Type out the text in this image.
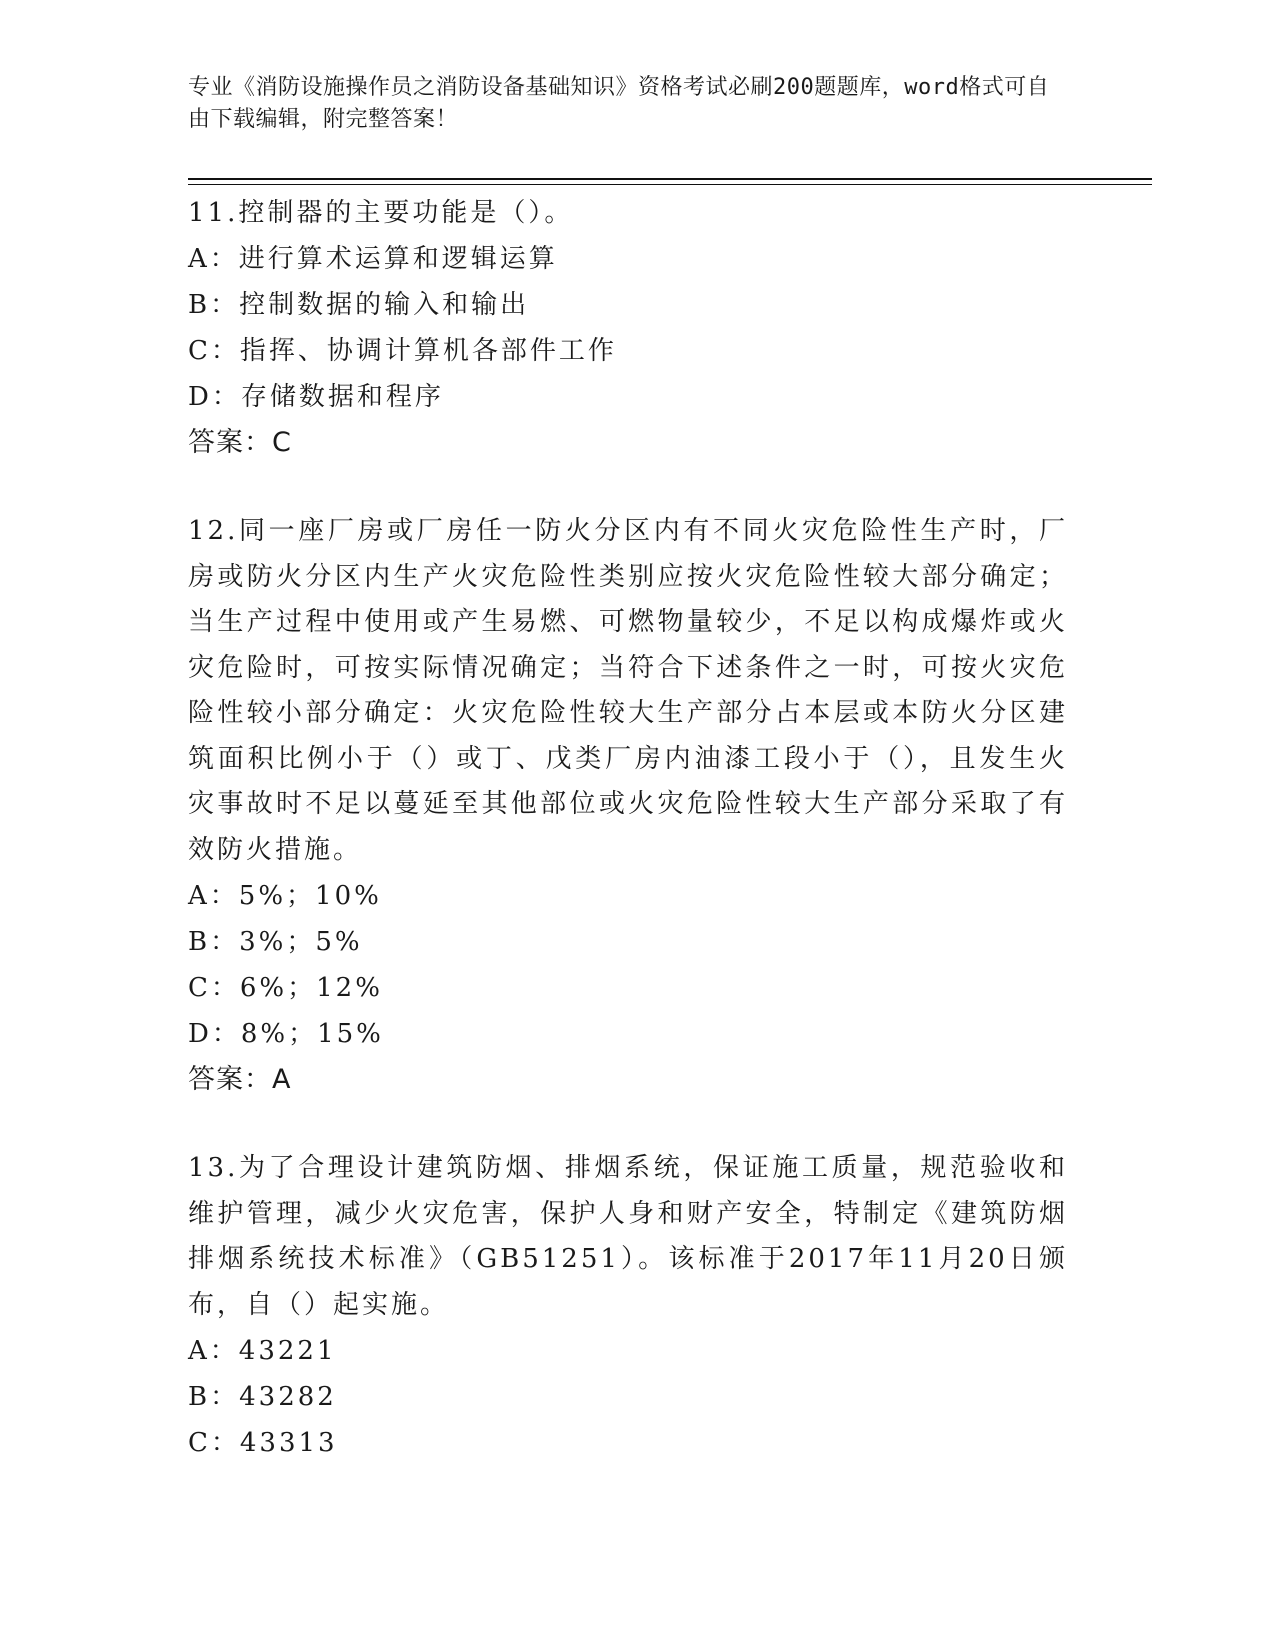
专业《消防设施操作员之消防设备基础知识》资格考试必刷200题题库，word格式可自由下载编辑，附完整答案！
11.控制器的主要功能是（）。
A：进行算术运算和逻辑运算
B：控制数据的输入和输出
C：指挥、协调计算机各部件工作
D：存储数据和程序
答案：C
12.同一座厂房或厂房任一防火分区内有不同火灾危险性生产时，厂房或防火分区内生产火灾危险性类别应按火灾危险性较大部分确定；当生产过程中使用或产生易燃、可燃物量较少，不足以构成爆炸或火灾危险时，可按实际情况确定；当符合下述条件之一时，可按火灾危险性较小部分确定：火灾危险性较大生产部分占本层或本防火分区建筑面积比例小于（）或丁、戊类厂房内油漆工段小于（），且发生火灾事故时不足以蔓延至其他部位或火灾危险性较大生产部分采取了有效防火措施。
A：5%；10%
B：3%；5%
C：6%；12%
D：8%；15%
答案：A
13.为了合理设计建筑防烟、排烟系统，保证施工质量，规范验收和维护管理，减少火灾危害，保护人身和财产安全，特制定《建筑防烟排烟系统技术标准》（GB51251）。该标准于2017年11月20日颁布，自（）起实施。
A：43221
B：43282
C：43313
